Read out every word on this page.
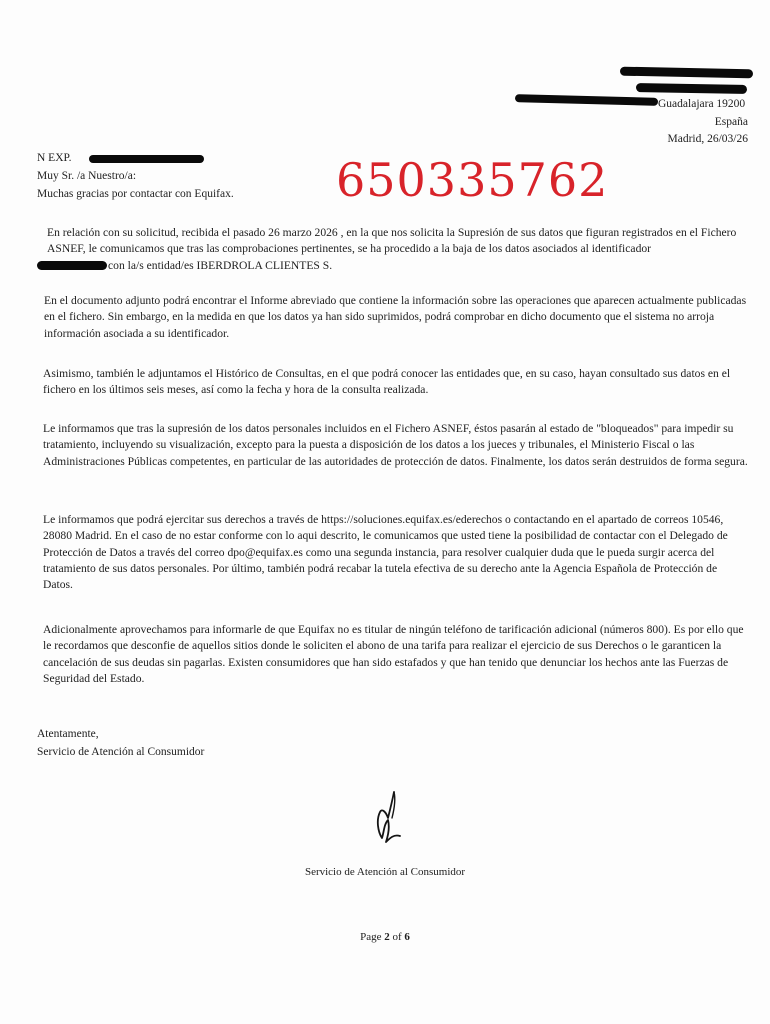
Guadalajara 19200
España
Madrid, 26/03/26
N EXP.
Muy Sr. /a Nuestro/a:
Muchas gracias por contactar con Equifax. 650335762
En relación con su solicitud, recibida el pasado 26 marzo 2026 , en la que nos solicita la Supresión de sus datos que figuran registrados en el Fichero ASNEF, le comunicamos que tras las comprobaciones pertinentes, se ha procedido a la baja de los datos asociados al identificador
con la/s entidad/es IBERDROLA CLIENTES S.
En el documento adjunto podrá encontrar el Informe abreviado que contiene la información sobre las operaciones que aparecen actualmente publicadas en el fichero. Sin embargo, en la medida en que los datos ya han sido suprimidos, podrá comprobar en dicho documento que el sistema no arroja información asociada a su identificador.
Asimismo, también le adjuntamos el Histórico de Consultas, en el que podrá conocer las entidades que, en su caso, hayan consultado sus datos en el fichero en los últimos seis meses, así como la fecha y hora de la consulta realizada.
Le informamos que tras la supresión de los datos personales incluidos en el Fichero ASNEF, éstos pasarán al estado de "bloqueados" para impedir su tratamiento, incluyendo su visualización, excepto para la puesta a disposición de los datos a los jueces y tribunales, el Ministerio Fiscal o las Administraciones Públicas competentes, en particular de las autoridades de protección de datos. Finalmente, los datos serán destruidos de forma segura.
Le informamos que podrá ejercitar sus derechos a través de https://soluciones.equifax.es/ederechos o contactando en el apartado de correos 10546, 28080 Madrid. En el caso de no estar conforme con lo aqui descrito, le comunicamos que usted tiene la posibilidad de contactar con el Delegado de Protección de Datos a través del correo dpo@equifax.es como una segunda instancia, para resolver cualquier duda que le pueda surgir acerca del tratamiento de sus datos personales. Por último, también podrá recabar la tutela efectiva de su derecho ante la Agencia Española de Protección de Datos.
Adicionalmente aprovechamos para informarle de que Equifax no es titular de ningún teléfono de tarificación adicional (números 800). Es por ello que le recordamos que desconfie de aquellos sitios donde le soliciten el abono de una tarifa para realizar el ejercicio de sus Derechos o le garanticen la cancelación de sus deudas sin pagarlas. Existen consumidores que han sido estafados y que han tenido que denunciar los hechos ante las Fuerzas de Seguridad del Estado.
Atentamente,
Servicio de Atención al Consumidor
Servicio de Atención al Consumidor
Page 2 of 6
